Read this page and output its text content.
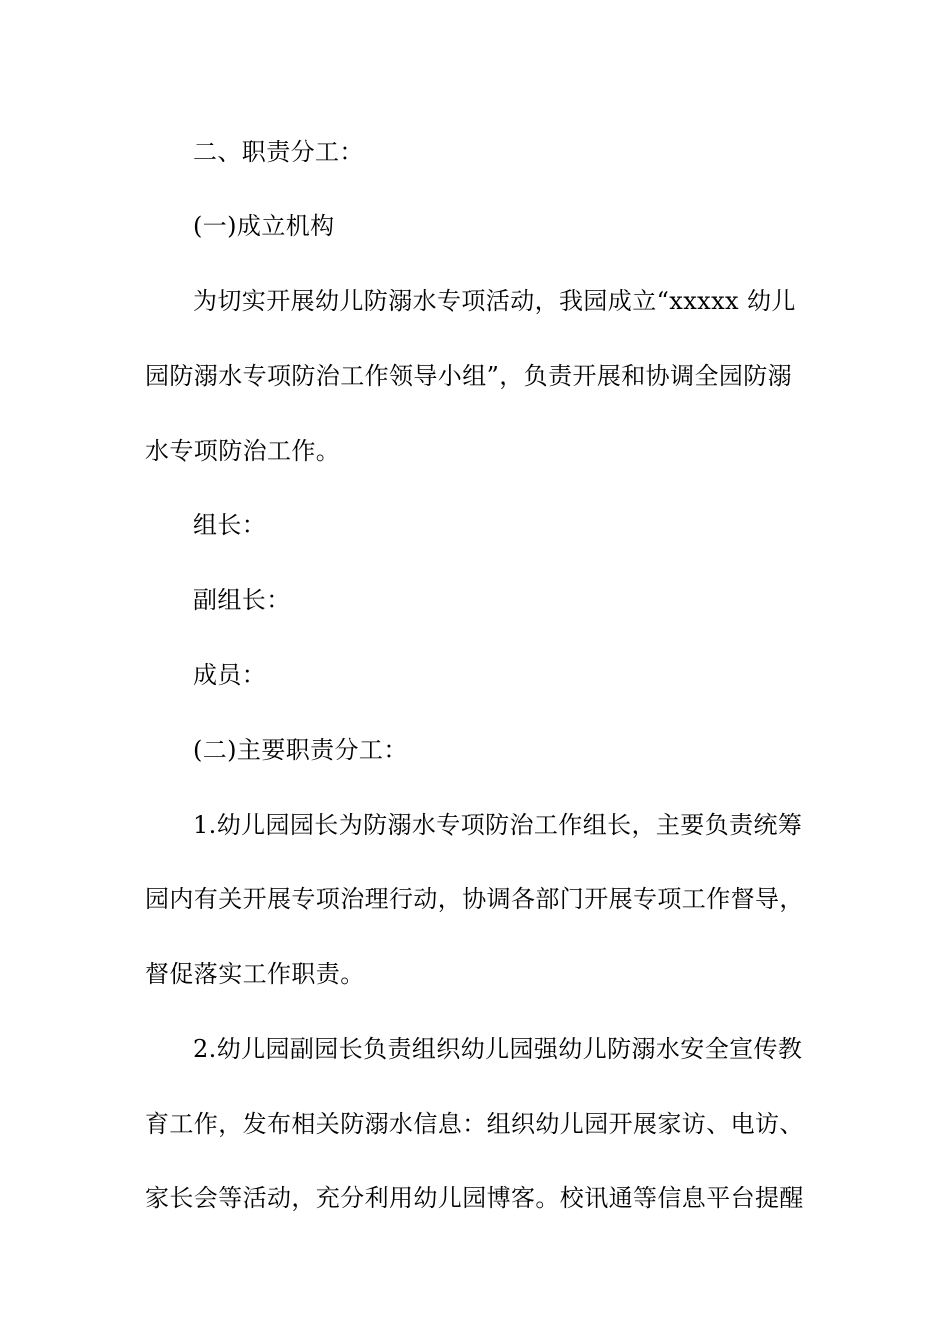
二、职责分工：

(一)成立机构

为切实开展幼儿防溺水专项活动，我园成立“xxxxx 幼儿

园防溺水专项防治工作领导小组”，负责开展和协调全园防溺

水专项防治工作。

组长：

副组长：

成员：

(二)主要职责分工：

1.幼儿园园长为防溺水专项防治工作组长，主要负责统筹

园内有关开展专项治理行动，协调各部门开展专项工作督导，

督促落实工作职责。

2.幼儿园副园长负责组织幼儿园强幼儿防溺水安全宣传教

育工作，发布相关防溺水信息：组织幼儿园开展家访、电访、

家长会等活动，充分利用幼儿园博客。校讯通等信息平台提醒
